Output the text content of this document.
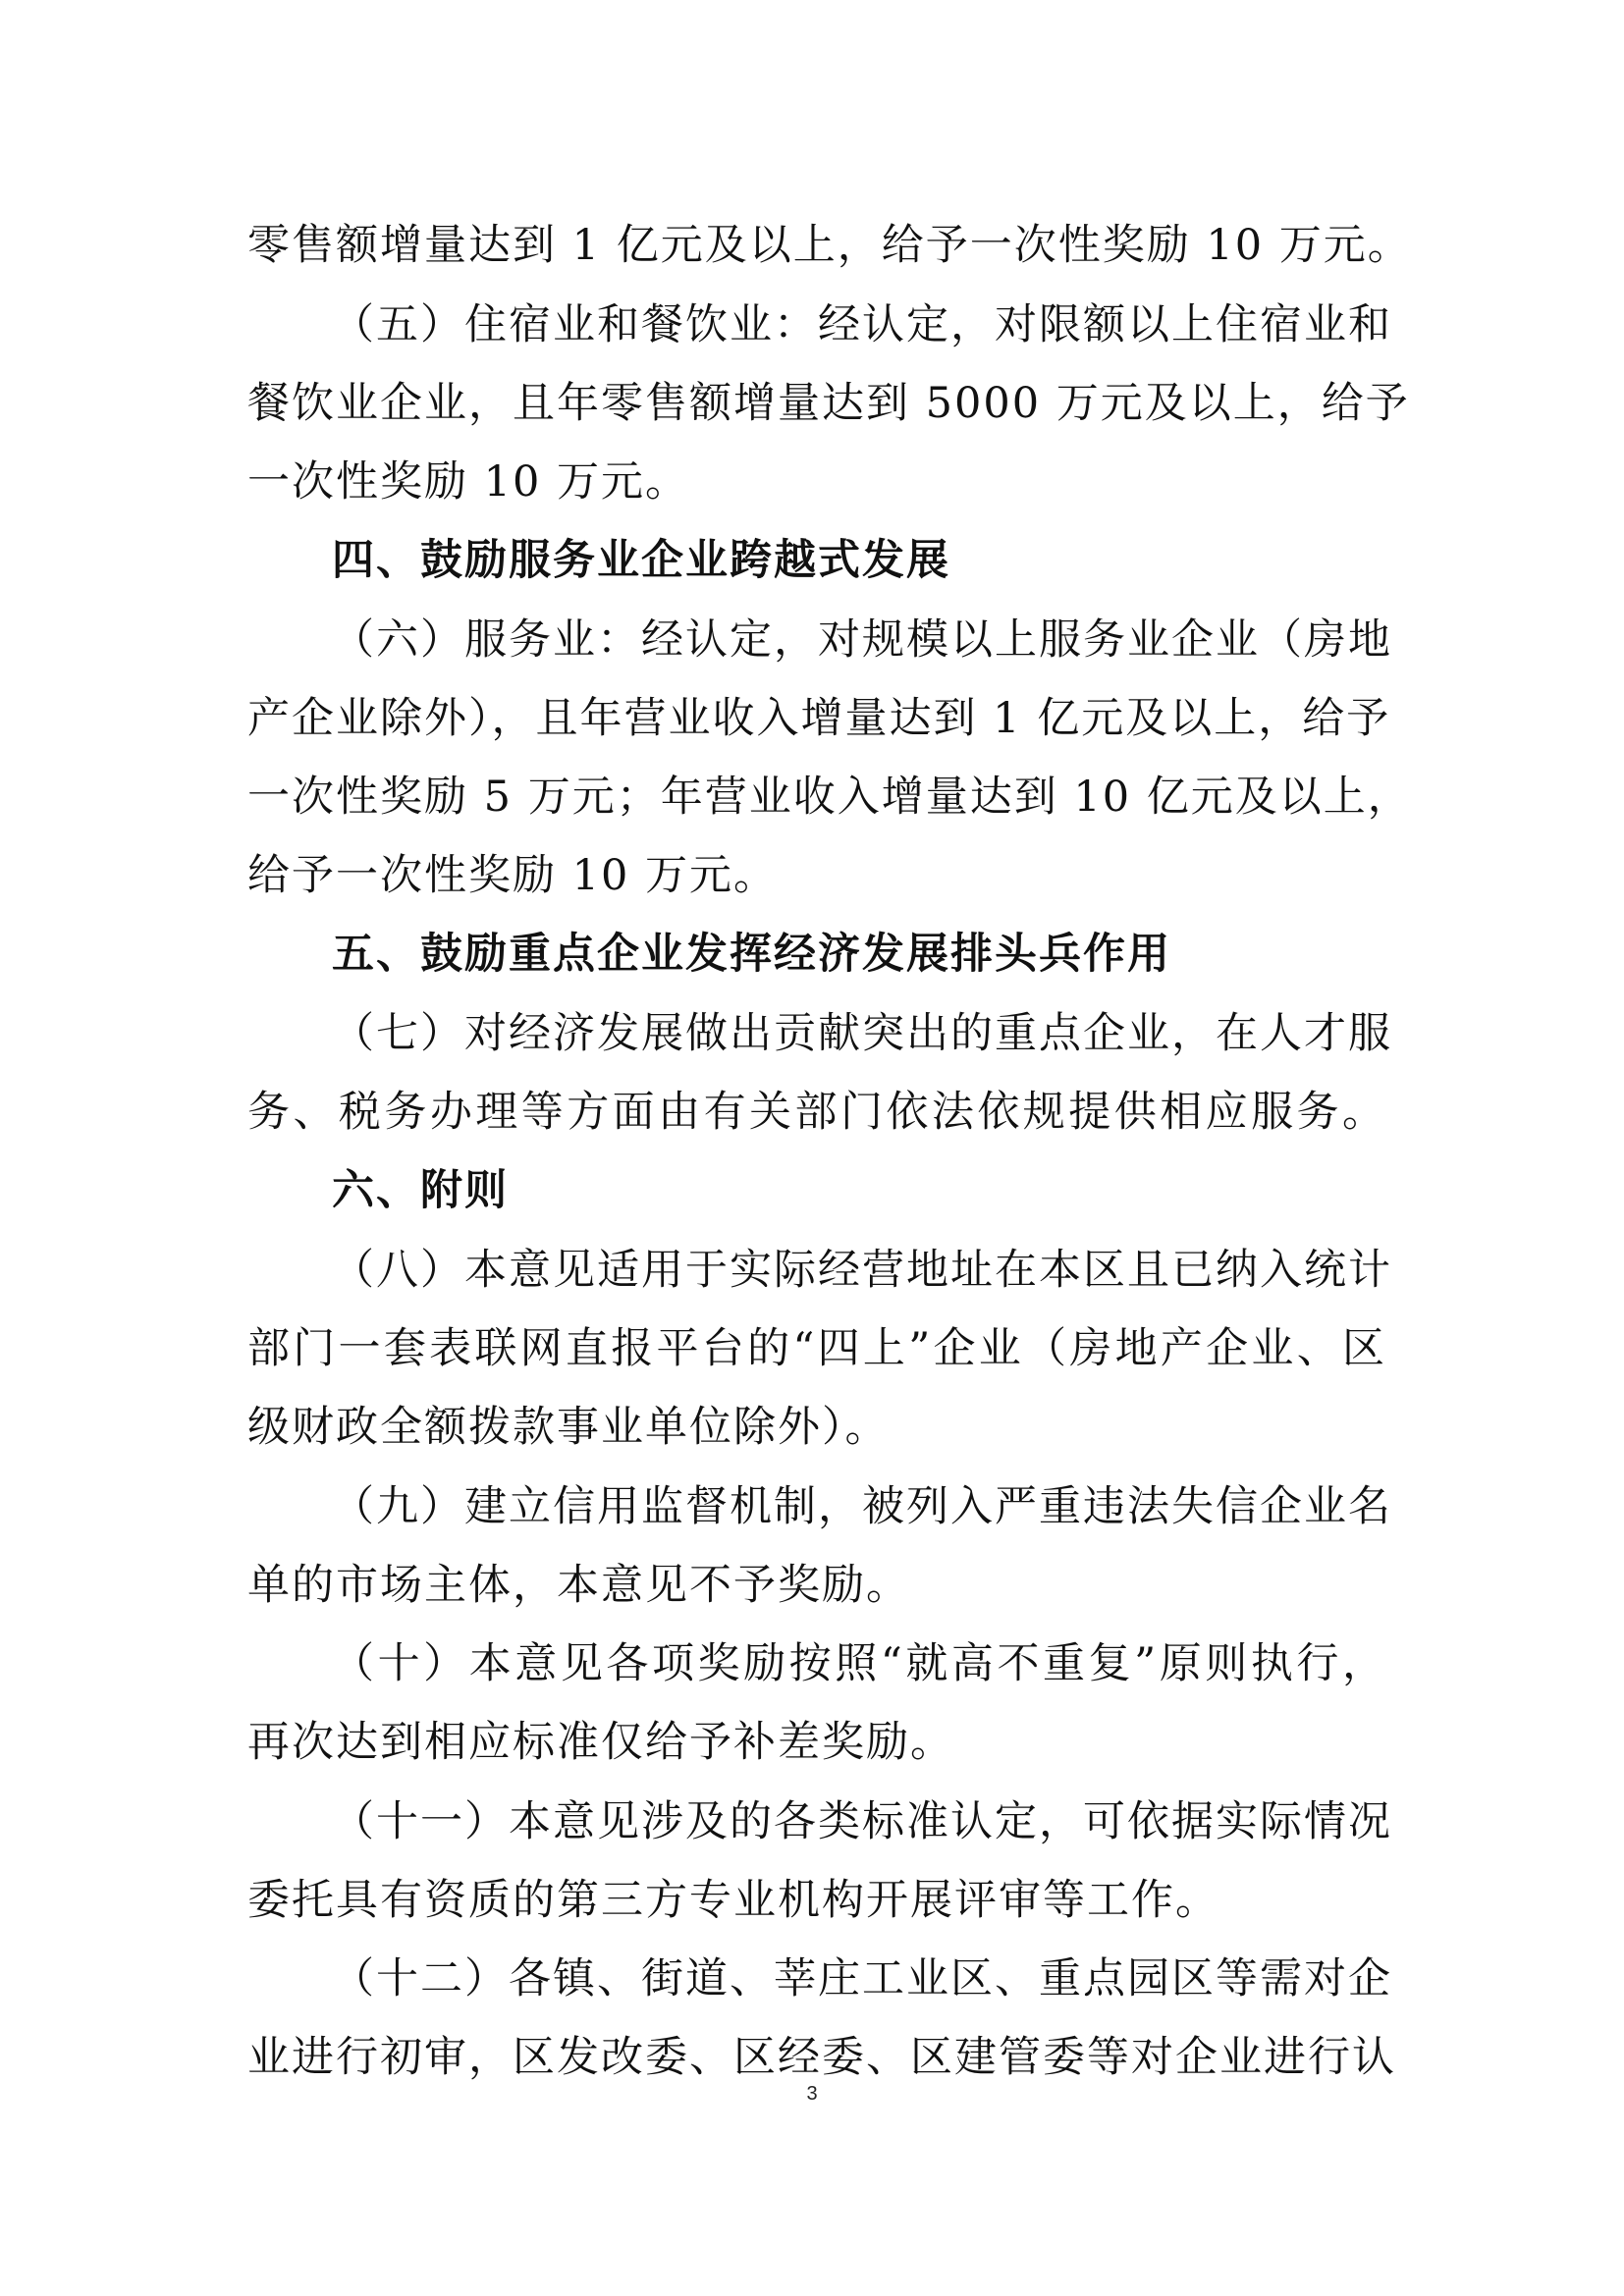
零售额增量达到 1 亿元及以上，给予一次性奖励 10 万元。
（五）住宿业和餐饮业：经认定，对限额以上住宿业和
餐饮业企业，且年零售额增量达到 5000 万元及以上，给予
一次性奖励 10 万元。
四、鼓励服务业企业跨越式发展
（六）服务业：经认定，对规模以上服务业企业（房地
产企业除外），且年营业收入增量达到 1 亿元及以上，给予
一次性奖励 5 万元；年营业收入增量达到 10 亿元及以上，
给予一次性奖励 10 万元。
五、鼓励重点企业发挥经济发展排头兵作用
（七）对经济发展做出贡献突出的重点企业，在人才服
务、税务办理等方面由有关部门依法依规提供相应服务。
六、附则
（八）本意见适用于实际经营地址在本区且已纳入统计
部门一套表联网直报平台的“四上”企业（房地产企业、区
级财政全额拨款事业单位除外）。
（九）建立信用监督机制，被列入严重违法失信企业名
单的市场主体，本意见不予奖励。
（十）本意见各项奖励按照“就高不重复”原则执行，
再次达到相应标准仅给予补差奖励。
（十一）本意见涉及的各类标准认定，可依据实际情况
委托具有资质的第三方专业机构开展评审等工作。
（十二）各镇、街道、莘庄工业区、重点园区等需对企
业进行初审，区发改委、区经委、区建管委等对企业进行认
3
